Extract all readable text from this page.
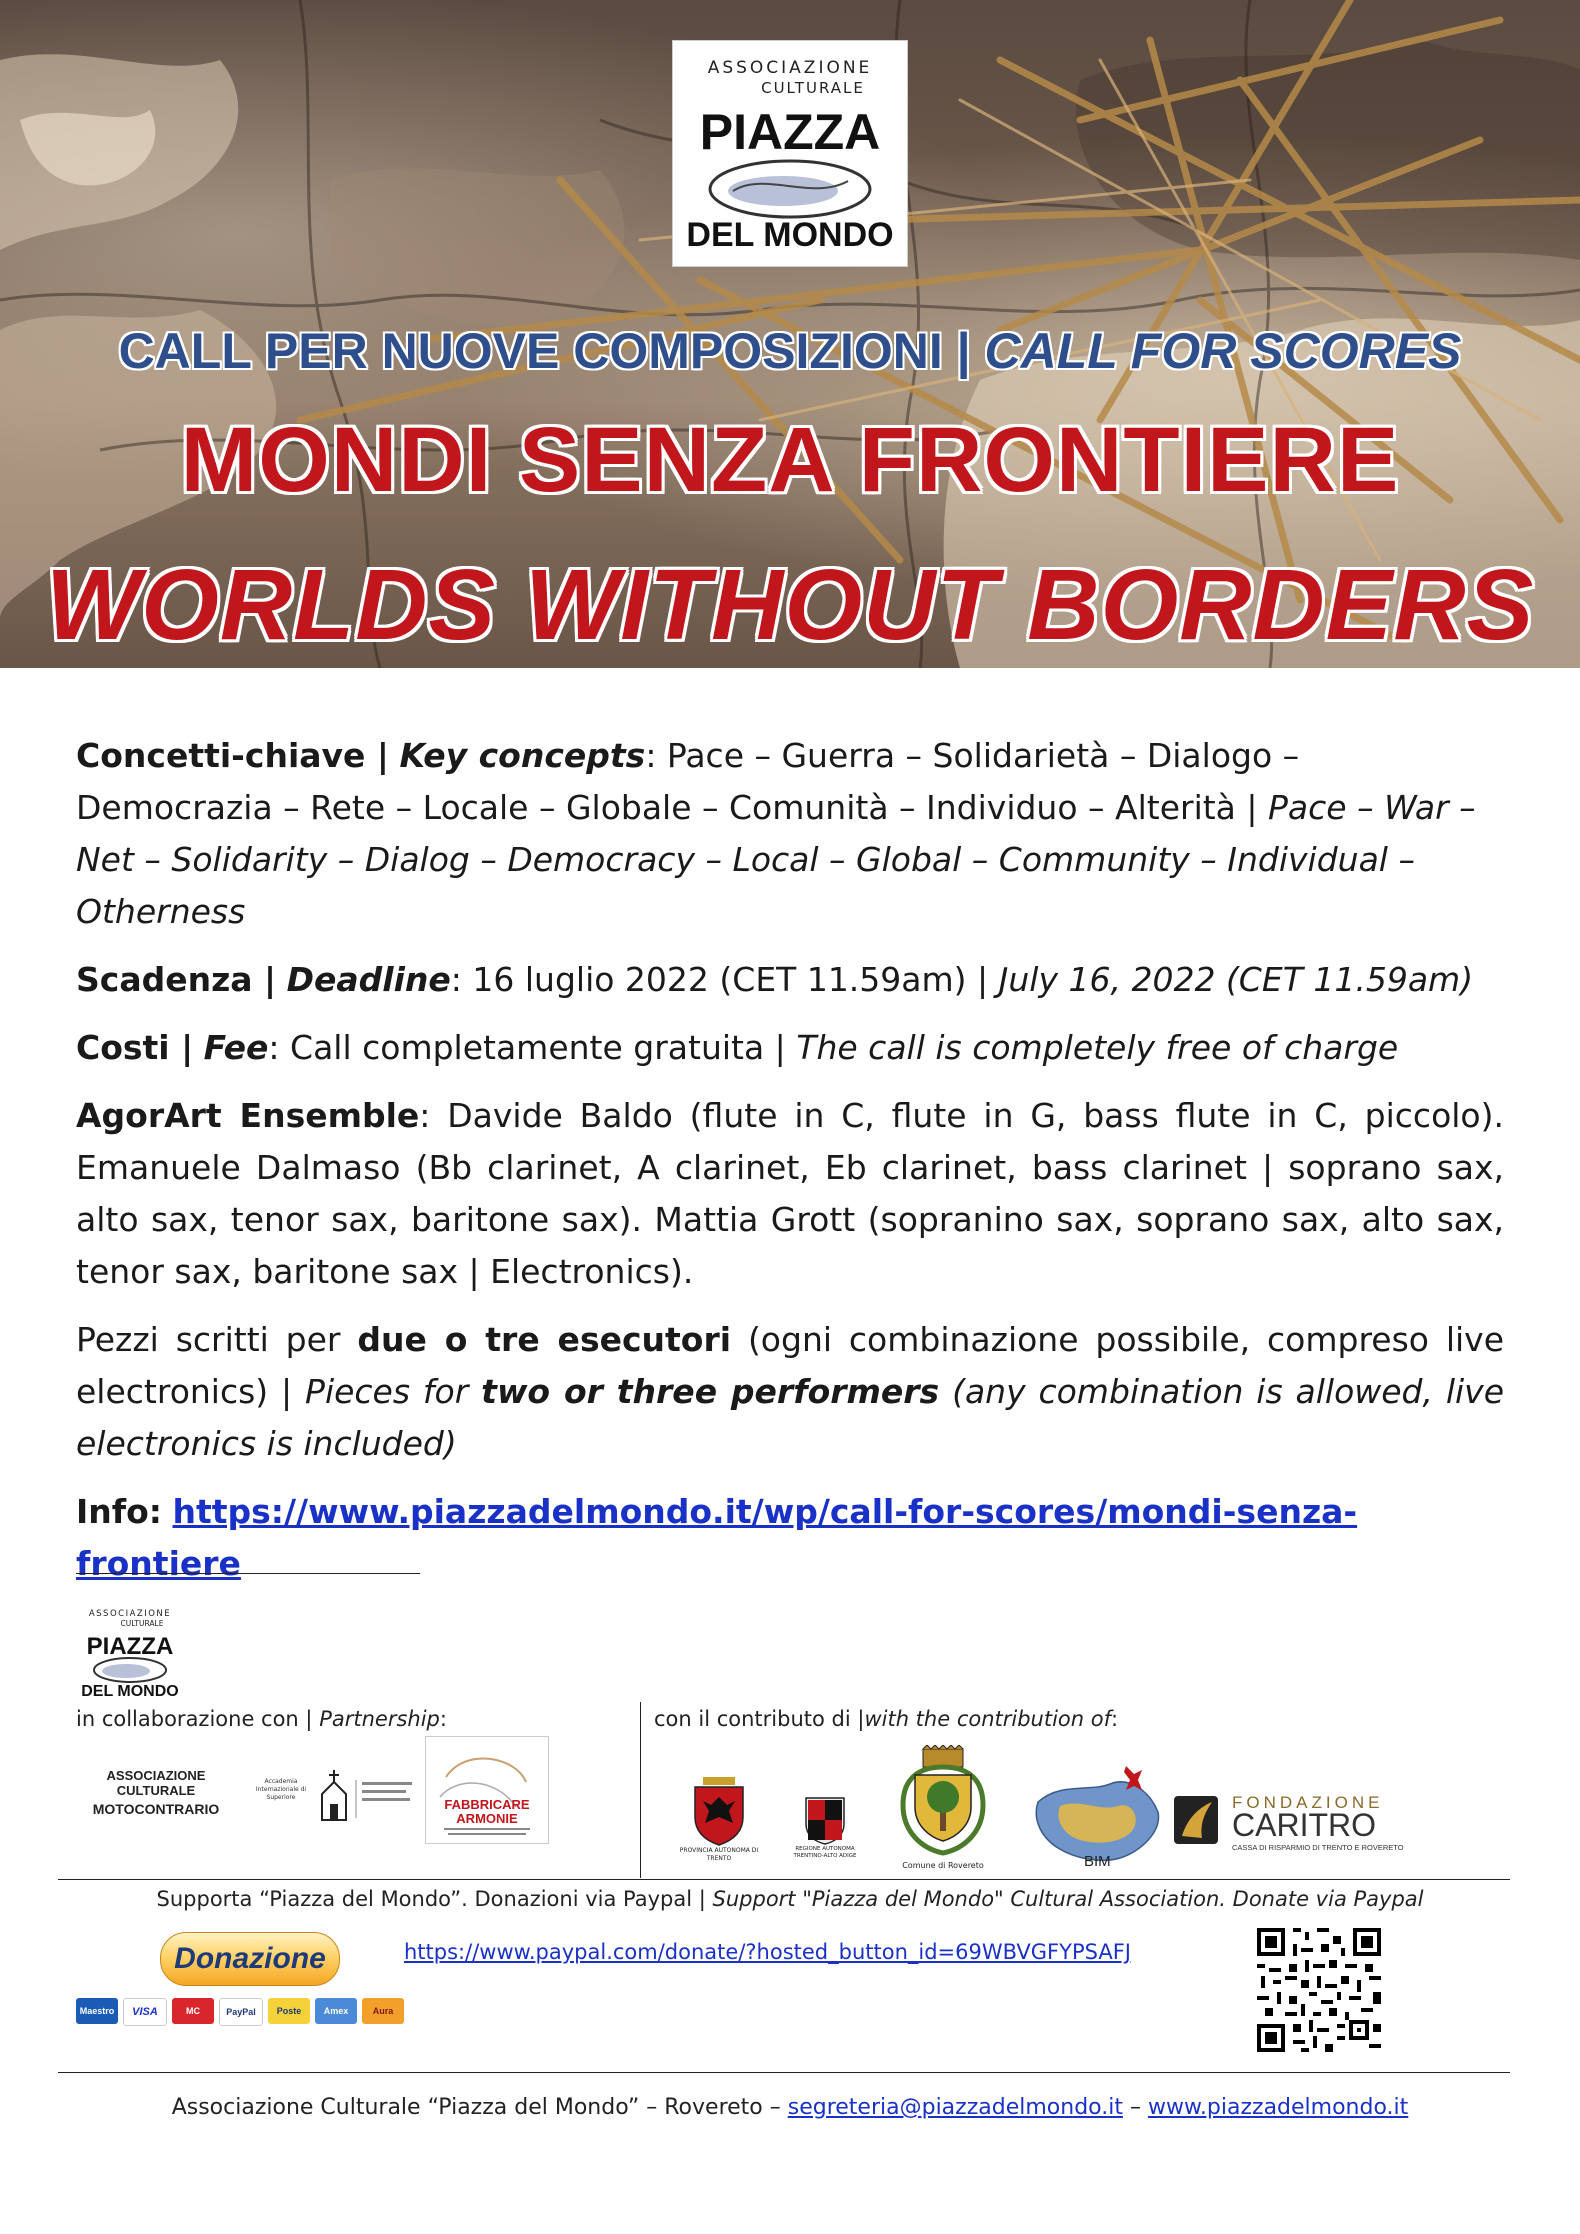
ASSOCIAZIONE
CULTURALE
PIAZZA
DEL MONDO
CALL PER NUOVE COMPOSIZIONI | CALL FOR SCORES
MONDI SENZA FRONTIERE
WORLDS WITHOUT BORDERS

Concetti-chiave | Key concepts: Pace – Guerra – Solidarietà – Dialogo – Democrazia – Rete – Locale – Globale – Comunità – Individuo – Alterità | Pace – War – Net – Solidarity – Dialog – Democracy – Local – Global – Community – Individual – Otherness

Scadenza | Deadline: 16 luglio 2022 (CET 11.59am) | July 16, 2022 (CET 11.59am)

Costi | Fee: Call completamente gratuita | The call is completely free of charge

AgorArt Ensemble: Davide Baldo (flute in C, flute in G, bass flute in C, piccolo). Emanuele Dalmaso (Bb clarinet, A clarinet, Eb clarinet, bass clarinet | soprano sax, alto sax, tenor sax, baritone sax). Mattia Grott (sopranino sax, soprano sax, alto sax, tenor sax, baritone sax | Electronics).

Pezzi scritti per due o tre esecutori (ogni combinazione possibile, compreso live electronics) | Pieces for two or three performers (any combination is allowed, live electronics is included)

Info: https://www.piazzadelmondo.it/wp/call-for-scores/mondi-senza-frontiere

ASSOCIAZIONE
CULTURALE
PIAZZA
DEL MONDO
in collaborazione con | Partnership:
ASSOCIAZIONE
CULTURALE
MOTOCONTRARIO
Accademia Internazionale di Superiore	FABBRICARE
ARMONIE
con il contributo di |with the contribution of:
PROVINCIA AUTONOMA DI TRENTO
REGIONE AUTONOMA TRENTINO-ALTO ADIGE
Comune di Rovereto	BIM
FONDAZIONE
CARITRO
CASSA DI RISPARMIO DI TRENTO E ROVERETO
Supporta “Piazza del Mondo”. Donazioni via Paypal | Support "Piazza del Mondo" Cultural Association. Donate via Paypal
Donazione	https://www.paypal.com/donate/?hosted_button_id=69WBVGFYPSAFJ
Maestro	VISA	MC	PayPal	Poste	Amex	Aura
Associazione Culturale “Piazza del Mondo” – Rovereto – segreteria@piazzadelmondo.it – www.piazzadelmondo.it
